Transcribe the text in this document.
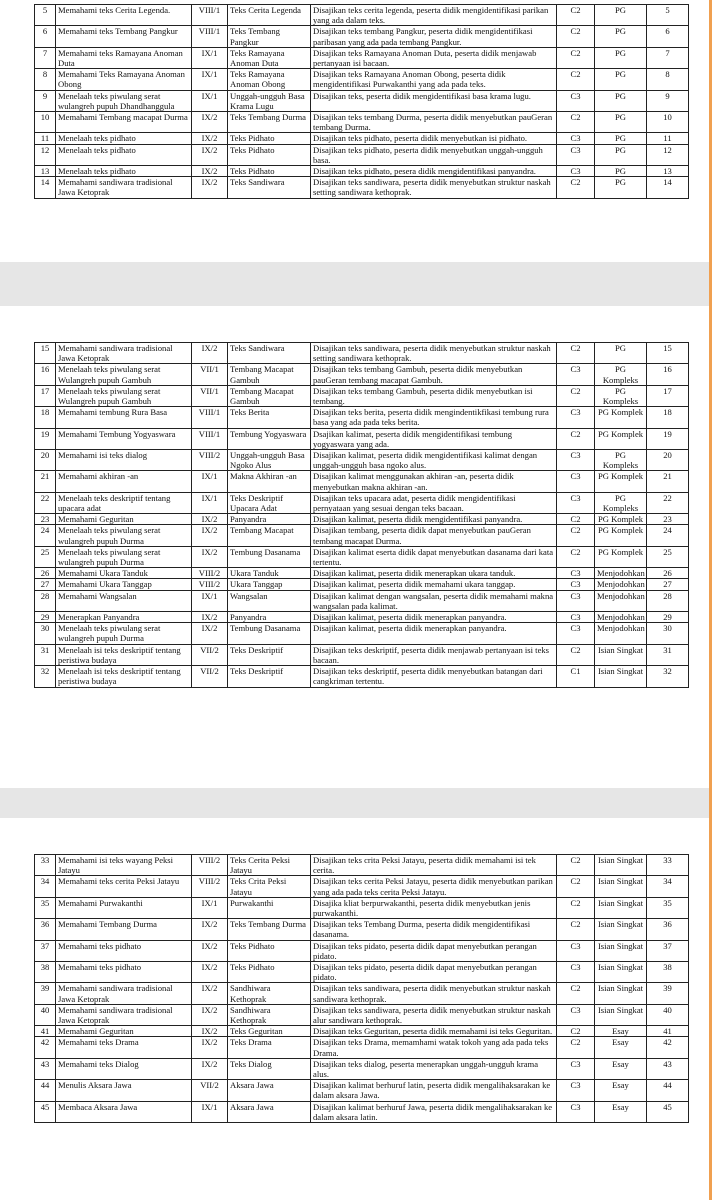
5	Memahami teks Cerita Legenda.	VIII/1	Teks Cerita Legenda	Disajikan teks cerita legenda, peserta didik mengidentifikasi parikan yang ada dalam teks.	C2	PG	5
6	Memahami teks Tembang Pangkur	VIII/1	Teks Tembang Pangkur	Disajikan teks tembang Pangkur, peserta didik mengidentifikasi paribasan yang ada pada tembang Pangkur.	C2	PG	6
7	Memahami teks Ramayana Anoman Duta	IX/1	Teks Ramayana Anoman Duta	Disajikan teks Ramayana Anoman Duta, peserta didik menjawab pertanyaan isi bacaan.	C2	PG	7
8	Memahami Teks Ramayana Anoman Obong	IX/1	Teks Ramayana Anoman Obong	Disajikan teks Ramayana Anoman Obong, peserta didik mengidentifikasi Purwakanthi yang ada pada teks.	C2	PG	8
9	Menelaah teks piwulang serat wulangreh pupuh Dhandhanggula	IX/1	Unggah-ungguh Basa Krama Lugu	Disajikan teks, peserta didik mengidentifikasi basa krama lugu.	C3	PG	9
10	Memahami Tembang macapat Durma	IX/2	Teks Tembang Durma	Disajikan teks tembang Durma, peserta didik menyebutkan pauGeran tembang Durma.	C2	PG	10
11	Menelaah teks pidhato	IX/2	Teks Pidhato	Disajikan teks pidhato, peserta didik menyebutkan isi pidhato.	C3	PG	11
12	Menelaah teks pidhato	IX/2	Teks Pidhato	Disajikan teks pidhato, peserta didik menyebutkan unggah-ungguh basa.	C3	PG	12
13	Menelaah teks pidhato	IX/2	Teks Pidhato	Disajikan teks pidhato, pesera didik mengidentifikasi panyandra.	C3	PG	13
14	Memahami sandiwara tradisional Jawa Ketoprak	IX/2	Teks Sandiwara	Disajikan teks sandiwara, peserta didik menyebutkan struktur naskah setting sandiwara kethoprak.	C2	PG	14
15	Memahami sandiwara tradisional Jawa Ketoprak	IX/2	Teks Sandiwara	Disajikan teks sandiwara, peserta didik menyebutkan struktur naskah setting sandiwara kethoprak.	C2	PG	15
16	Menelaah teks piwulang serat Wulangreh pupuh Gambuh	VII/1	Tembang Macapat Gambuh	Disajikan teks tembang Gambuh, peserta didik menyebutkan pauGeran tembang macapat Gambuh.	C3	PG Kompleks	16
17	Menelaah teks piwulang serat Wulangreh pupuh Gambuh	VII/1	Tembang Macapat Gambuh	Disajikan teks tembang Gambuh, peserta didik menyebutkan isi tembang.	C2	PG Kompleks	17
18	Memahami tembung Rura Basa	VIII/1	Teks Berita	Disajikan teks berita, peserta didik mengindentikfikasi tembung rura basa yang ada pada teks berita.	C3	PG Komplek	18
19	Memahami Tembung Yogyaswara	VIII/1	Tembung Yogyaswara	Dsajikan kalimat, peserta didik mengidentifikasi tembung yogyaswara yang ada.	C2	PG Komplek	19
20	Memahami isi teks dialog	VIII/2	Unggah-ungguh Basa Ngoko Alus	Disajikan kalimat, peserta didik mengidentifikasi kalimat dengan unggah-ungguh basa ngoko alus.	C3	PG Kompleks	20
21	Memahami akhiran -an	IX/1	Makna Akhiran -an	Disajikan kalimat menggunakan akhiran -an, peserta didik menyebutkan makna akhiran -an.	C3	PG Komplek	21
22	Menelaah teks deskriptif tentang upacara adat	IX/1	Teks Deskriptif Upacara Adat	Disajikan teks upacara adat, peserta didik mengidentifikasi pernyataan yang sesuai dengan teks bacaan.	C3	PG Kompleks	22
23	Memahami Geguritan	IX/2	Panyandra	Disajikan kalimat, peserta didik mengidentifikasi panyandra.	C2	PG Komplek	23
24	Menelaah teks piwulang serat wulangreh pupuh Durma	IX/2	Tembang Macapat	Disajikan tembang, peserta didik dapat menyebutkan pauGeran tembang macapat Durma.	C2	PG Komplek	24
25	Menelaah teks piwulang serat wulangreh pupuh Durma	IX/2	Tembung Dasanama	Disajikan kalimat eserta didik dapat menyebutkan dasanama dari kata tertentu.	C2	PG Komplek	25
26	Memahami Ukara Tanduk	VIII/2	Ukara Tanduk	Disajikan kalimat, peserta didik menerapkan ukara tanduk.	C3	Menjodohkan	26
27	Memahami Ukara Tanggap	VIII/2	Ukara Tanggap	Disajikan kalimat, peserta didik memahami ukara tanggap.	C3	Menjodohkan	27
28	Memahami Wangsalan	IX/1	Wangsalan	Disajikan kalimat dengan wangsalan, peserta didik memahami makna wangsalan pada kalimat.	C3	Menjodohkan	28
29	Menerapkan Panyandra	IX/2	Panyandra	Disajikan kalimat, peserta didik menerapkan panyandra.	C3	Menjodohkan	29
30	Menelaah teks piwulang serat wulangreh pupuh Durma	IX/2	Tembung Dasanama	Disajikan kalimat, peserta didik menerapkan panyandra.	C3	Menjodohkan	30
31	Menelaah isi teks deskriptif tentang peristiwa budaya	VII/2	Teks Deskriptif	Disajikan teks deskriptif, peserta didik menjawab pertanyaan isi teks bacaan.	C2	Isian Singkat	31
32	Menelaah isi teks deskriptif tentang peristiwa budaya	VII/2	Teks Deskriptif	Disajikan teks deskriptif, peserta didik menyebutkan batangan dari cangkriman tertentu.	C1	Isian Singkat	32
33	Memahami isi teks wayang Peksi Jatayu	VIII/2	Teks Cerita Peksi Jatayu	Disajikan teks crita Peksi Jatayu, peserta didik memahami isi tek cerita.	C2	Isian Singkat	33
34	Memahami teks cerita Peksi Jatayu	VIII/2	Teks Crita Peksi Jatayu	Disajikan teks cerita Peksi Jatayu, peserta didik menyebutkan parikan yang ada pada teks cerita Peksi Jatayu.	C2	Isian Singkat	34
35	Memahami Purwakanthi	IX/1	Purwakanthi	Disajika kliat berpurwakanthi, peserta didik menyebutkan jenis purwakanthi.	C2	Isian Singkat	35
36	Memahami Tembang Durma	IX/2	Teks Tembang Durma	Disajikan teks Tembang Durma, peserta didik mengidentifikasi dasanama.	C2	Isian Singkat	36
37	Memahami teks pidhato	IX/2	Teks Pidhato	Disajikan teks pidato, peserta didik dapat menyebutkan perangan pidato.	C3	Isian Singkat	37
38	Memahami teks pidhato	IX/2	Teks Pidhato	Disajikan teks pidato, peserta didik dapat menyebutkan perangan pidato.	C3	Isian Singkat	38
39	Memahami sandiwara tradisional Jawa Ketoprak	IX/2	Sandhiwara Kethoprak	Disajikan teks sandiwara, peserta didik menyebutkan struktur naskah sandiwara kethoprak.	C2	Isian Singkat	39
40	Memahami sandiwara tradisional Jawa Ketoprak	IX/2	Sandhiwara Kethoprak	Disajikan teks sandiwara, peserta didik menyebutkan struktur naskah alur sandiwara kethoprak.	C3	Isian Singkat	40
41	Memahami Geguritan	IX/2	Teks Geguritan	Disajikan teks Geguritan, peserta didik memahami isi teks Geguritan.	C2	Esay	41
42	Memahami teks Drama	IX/2	Teks Drama	Disajikan teks Drama, memamhami watak tokoh yang ada pada teks Drama.	C2	Esay	42
43	Memahami teks Dialog	IX/2	Teks Dialog	Disajikan teks dialog, peserta menerapkan unggah-ungguh krama alus.	C3	Esay	43
44	Menulis Aksara Jawa	VII/2	Aksara Jawa	Disajikan kalimat berhuruf latin, peserta didik mengalihaksarakan ke dalam aksara Jawa.	C3	Esay	44
45	Membaca Aksara Jawa	IX/1	Aksara Jawa	Disajikan kalimat berhuruf Jawa, peserta didik mengalihaksarakan ke dalam aksara latin.	C3	Esay	45
